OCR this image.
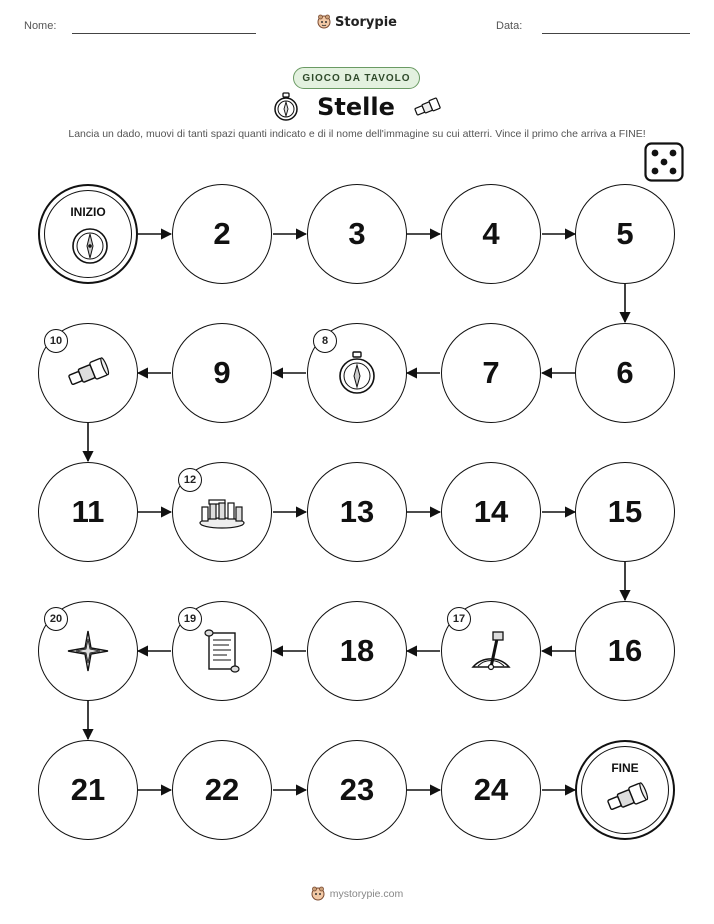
Nome:	Storypie	Data:
GIOCO DA TAVOLO
Stelle
Lancia un dado, muovi di tanti spazi quanti indicato e di il nome dell'immagine su cui atterri. Vince il primo che arriva a FINE!
INIZIO
2	3	4	5
6
7
8
9
10
11
12
13	14	15
16
17
18
19
20
21	22	23	24
FINE
mystorypie.com
